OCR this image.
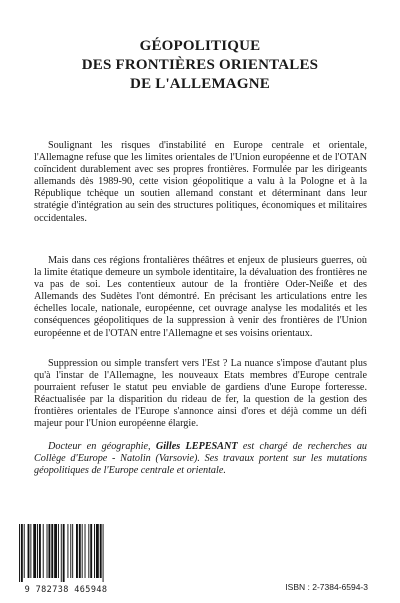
GÉOPOLITIQUE
DES FRONTIÈRES ORIENTALES
DE L'ALLEMAGNE

Soulignant les risques d'instabilité en Europe centrale et orientale, l'Allemagne refuse que les limites orientales de l'Union européenne et de l'OTAN coïncident durablement avec ses propres frontières. Formulée par les dirigeants allemands dès 1989-90, cette vision géopolitique a valu à la Pologne et à la République tchèque un soutien allemand constant et déterminant dans leur stratégie d'intégration au sein des structures politiques, économiques et militaires occidentales.

Mais dans ces régions frontalières théâtres et enjeux de plusieurs guerres, où la limite étatique demeure un symbole identitaire, la dévaluation des frontières ne va pas de soi. Les contentieux autour de la frontière Oder-Neiße et des Allemands des Sudètes l'ont démontré. En précisant les articulations entre les échelles locale, nationale, européenne, cet ouvrage analyse les modalités et les conséquences géopolitiques de la suppression à venir des frontières de l'Union européenne et de l'OTAN entre l'Allemagne et ses voisins orientaux.

Suppression ou simple transfert vers l'Est ? La nuance s'impose d'autant plus qu'à l'instar de l'Allemagne, les nouveaux Etats membres d'Europe centrale pourraient refuser le statut peu enviable de gardiens d'une Europe forteresse. Réactualisée par la disparition du rideau de fer, la question de la gestion des frontières orientales de l'Europe s'annonce ainsi d'ores et déjà comme un défi majeur pour l'Union européenne élargie.

Docteur en géographie, Gilles LEPESANT est chargé de recherches au Collège d'Europe - Natolin (Varsovie). Ses travaux portent sur les mutations géopolitiques de l'Europe centrale et orientale.

9 782738 465948	ISBN : 2-7384-6594-3
